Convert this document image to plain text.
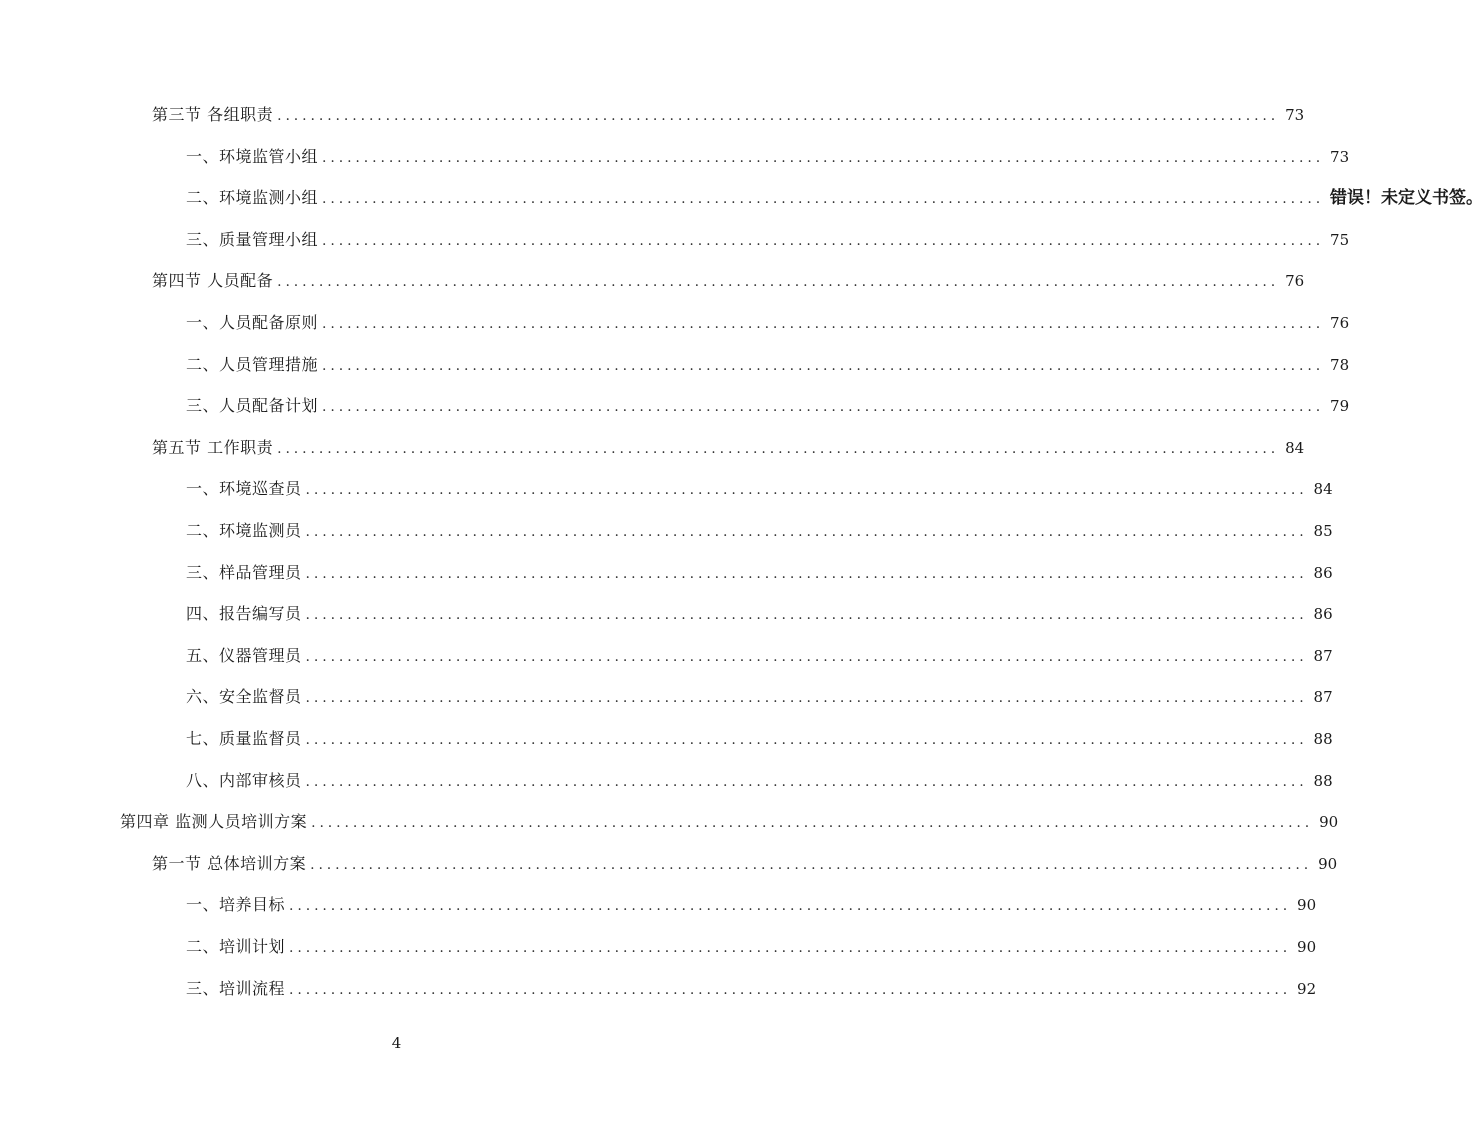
第三节 各组职责 ........................................................................................................................ 73
一、环境监管小组 ........................................................................................................................ 73
二、环境监测小组 ........................................................................................................................ 错误！未定义书签。
三、质量管理小组 ........................................................................................................................ 75
第四节 人员配备 ........................................................................................................................ 76
一、人员配备原则 ........................................................................................................................ 76
二、人员管理措施 ........................................................................................................................ 78
三、人员配备计划 ........................................................................................................................ 79
第五节 工作职责 ........................................................................................................................ 84
一、环境巡查员 ........................................................................................................................ 84
二、环境监测员 ........................................................................................................................ 85
三、样品管理员 ........................................................................................................................ 86
四、报告编写员 ........................................................................................................................ 86
五、仪器管理员 ........................................................................................................................ 87
六、安全监督员 ........................................................................................................................ 87
七、质量监督员 ........................................................................................................................ 88
八、内部审核员 ........................................................................................................................ 88
第四章 监测人员培训方案 ........................................................................................................................ 90
第一节 总体培训方案 ........................................................................................................................ 90
一、培养目标 ........................................................................................................................ 90
二、培训计划 ........................................................................................................................ 90
三、培训流程 ........................................................................................................................ 92
4
